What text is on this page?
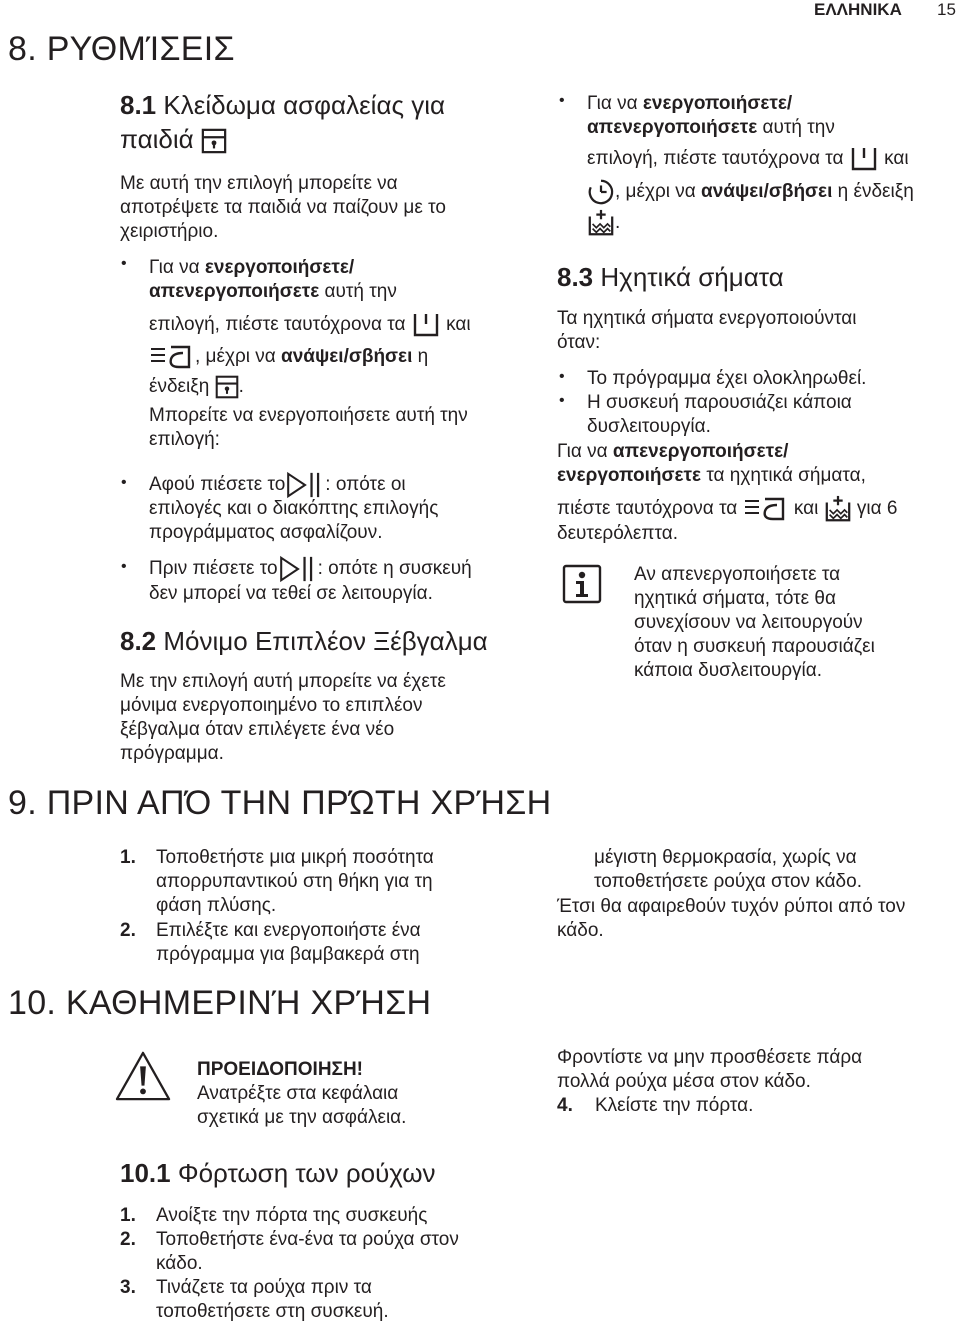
ΕΛΛΗΝΙΚΑ 15
8. ΡΥΘΜΊΣΕΙΣ
8.1 Κλείδωμα ασφαλείας για
παιδιά
Με αυτή την επιλογή μπορείτε να
αποτρέψετε τα παιδιά να παίζουν με το
χειριστήριο.
• Για να ενεργοποιήσετε/
απενεργοποιήσετε αυτή την
επιλογή, πιέστε ταυτόχρονα τα και
, μέχρι να ανάψει/σβήσει η
ένδειξη .
Μπορείτε να ενεργοποιήσετε αυτή την
επιλογή:
• Αφού πιέσετε το : οπότε οι
επιλογές και ο διακόπτης επιλογής
προγράμματος ασφαλίζουν.
• Πριν πιέσετε το : οπότε η συσκευή
δεν μπορεί να τεθεί σε λειτουργία.
8.2 Μόνιμο Επιπλέον Ξέβγαλμα
Με την επιλογή αυτή μπορείτε να έχετε
μόνιμα ενεργοποιημένο το επιπλέον
ξέβγαλμα όταν επιλέγετε ένα νέο
πρόγραμμα.
• Για να ενεργοποιήσετε/
απενεργοποιήσετε αυτή την
επιλογή, πιέστε ταυτόχρονα τα και
, μέχρι να ανάψει/σβήσει η ένδειξη
.
8.3 Ηχητικά σήματα
Τα ηχητικά σήματα ενεργοποιούνται
όταν:
• Το πρόγραμμα έχει ολοκληρωθεί.
• Η συσκευή παρουσιάζει κάποια
δυσλειτουργία.
Για να απενεργοποιήσετε/
ενεργοποιήσετε τα ηχητικά σήματα,
πιέστε ταυτόχρονα τα	και για 6
δευτερόλεπτα.
Αν απενεργοποιήσετε τα
ηχητικά σήματα, τότε θα
συνεχίσουν να λειτουργούν
όταν η συσκευή παρουσιάζει
κάποια δυσλειτουργία.
9. ΠΡΙΝ ΑΠΌ ΤΗΝ ΠΡΏΤΗ ΧΡΉΣΗ
1. Τοποθετήστε μια μικρή ποσότητα
απορρυπαντικού στη θήκη για τη
φάση πλύσης.
2. Επιλέξτε και ενεργοποιήστε ένα
πρόγραμμα για βαμβακερά στη
μέγιστη θερμοκρασία, χωρίς να
τοποθετήσετε ρούχα στον κάδο.
Έτσι θα αφαιρεθούν τυχόν ρύποι από τον
κάδο.
10. ΚΑΘΗΜΕΡΙΝΉ ΧΡΉΣΗ
ΠΡΟΕΙΔΟΠΟΙΗΣΗ!
Ανατρέξτε στα κεφάλαια
σχετικά με την ασφάλεια.
10.1 Φόρτωση των ρούχων
1. Ανοίξτε την πόρτα της συσκευής
2. Τοποθετήστε ένα-ένα τα ρούχα στον
κάδο.
3. Τινάζετε τα ρούχα πριν τα
τοποθετήσετε στη συσκευή.
Φροντίστε να μην προσθέσετε πάρα
πολλά ρούχα μέσα στον κάδο.
4. Κλείστε την πόρτα.
